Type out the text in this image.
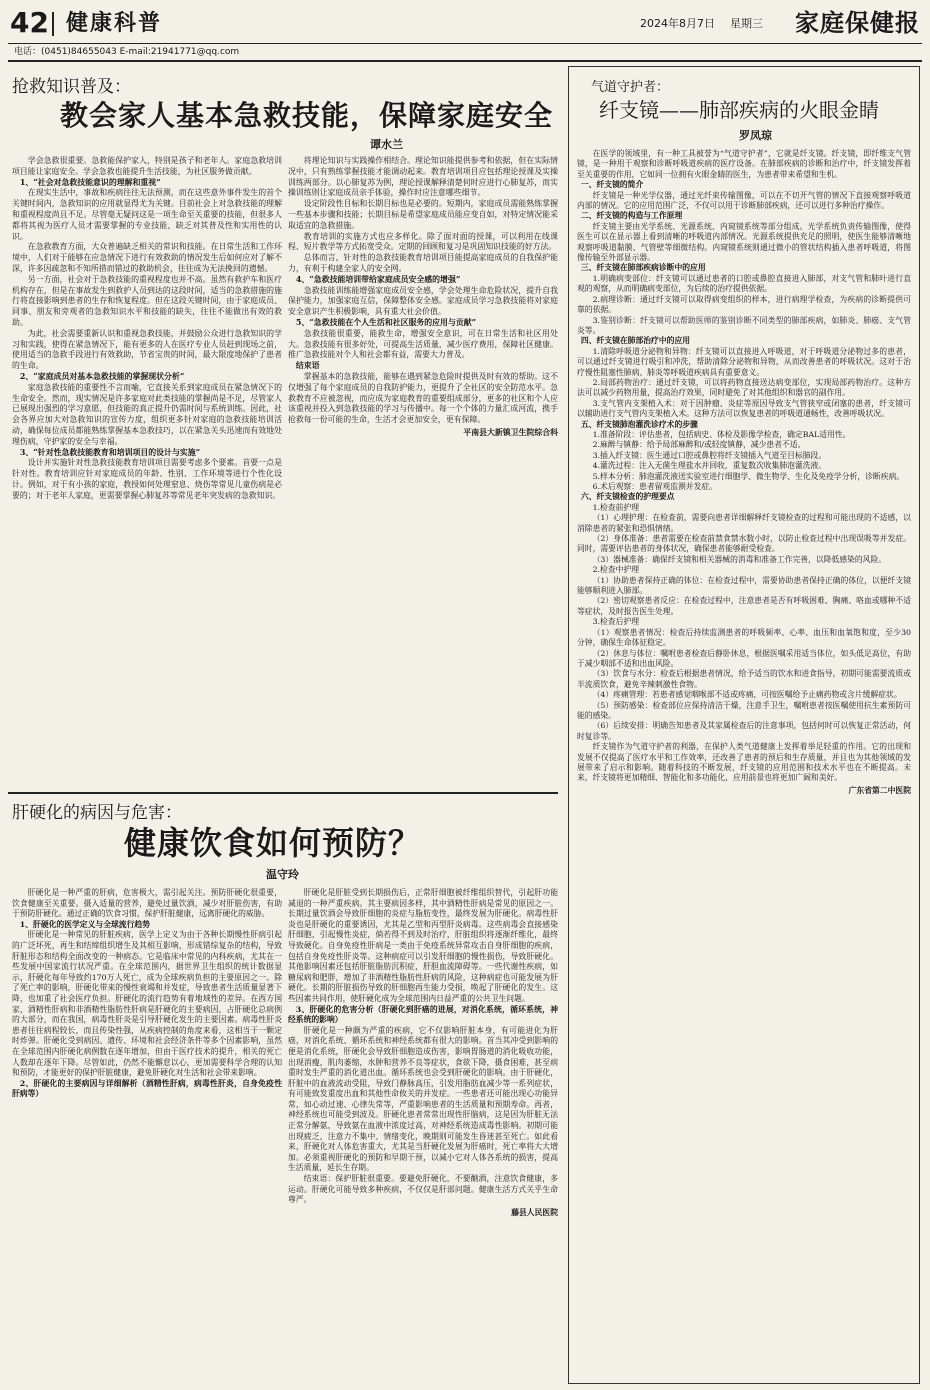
42 健康科普	2024年8月7日 星期三 家庭保健报
电话：(0451)84655043 E-mail:21941771@qq.com
抢救知识普及：
教会家人基本急救技能，保障家庭安全
谭水兰

学会急救很重要。急救能保护家人，特别是孩子和老年人。家庭急救培训项目能让家庭安全。学会急救也能提升生活技能，为社区服务做贡献。

1、“社会对急救技能意识的理解和重视”

在现实生活中，事故和疾病往往无法预测，而在这些意外事件发生的首个关键时间内，急救知识的应用就显得尤为关键。目前社会上对急救技能的理解和重视程度尚且不足。尽管毫无疑问这是一项生命至关重要的技能，但很多人都将其视为医疗人员才需要掌握的专业技能，缺乏对其普及性和实用性的认识。

在急救教育方面，大众普遍缺乏相关的常识和技能。在日常生活和工作环境中，人们对于能够在应急情况下进行有效救助的情况发生后如何应对了解不深，许多因疏忽和不知所措而错过的救助机会，往往成为无法挽回的遗憾。

另一方面，社会对于急救技能的重视程度也并不高。虽然有救护车和医疗机构存在，但是在事故发生到救护人员到达的这段时间，适当的急救措施的施行将直接影响到患者的生存和恢复程度。但在这段关键时间，由于家庭成员、同事、朋友和旁观者的急救知识水平和技能的缺失，往往不能做出有效的救助。

为此，社会需要重新认识和重视急救技能，并鼓励公众进行急救知识的学习和实践，使得在紧急情况下，能有更多的人在医疗专业人员赶到现场之前，使用适当的急救手段进行有效救助，节省宝贵的时间，最大限度地保护了患者的生命。

2、“家庭成员对基本急救技能的掌握现状分析”

家庭急救技能的重要性不言而喻，它直接关系到家庭成员在紧急情况下的生命安全。然而，现实情况是许多家庭对此类技能的掌握尚是不足，尽管家人已展现出强烈的学习意愿，但技能的真正提升仍需时间与系统训练。因此，社会各界应加大对急救知识的宣传力度，组织更多针对家庭的急救技能培训活动，确保每位成员都能熟练掌握基本急救技巧，以在紧急关头迅速而有效地处理伤病，守护家的安全与幸福。

3、“针对性急救技能教育和培训项目的设计与实施”

设计并实施针对性急救技能教育培训项目需要考虑多个要素。首要一点是针对性。教育培训应针对家庭成员的年龄、性别、工作环境等进行个性化设计。例如，对于有小孩的家庭，教授如何处理窒息、烧伤等常见儿童伤病是必要的；对于老年人家庭，更需要掌握心肺复苏等常见老年突发病的急救知识。

将理论知识与实践操作相结合。理论知识能提供参考和依据，但在实际情况中，只有熟练掌握技能才能调动起来。教育培训项目应包括理论授课及实操训练两部分。以心肺复苏为例，理论授课解释清楚何时应进行心肺复苏，而实操训练则让家庭成员亲手体验，操作时应注意哪些细节。

设定阶段性目标和长期目标也是必要的。短期内，家庭成员需能熟练掌握一些基本步骤和技能；长期目标是希望家庭成员能应变自如，对特定情况能采取适宜的急救措施。

教育培训的实施方式也应多样化。除了面对面的授课，可以利用在线课程、短片教学等方式拓宽受众。定期的回顾和复习是巩固知识技能的好方法。

总体而言，针对性的急救技能教育培训项目能提高家庭成员的自我保护能力，有利于构建全家人的安全网。

4、“急救技能培训带给家庭成员安全感的增强”

急救技能训练能增强家庭成员安全感，学会处理生命危险状况，提升自我保护能力，加强家庭互信，保障整体安全感。家庭成员学习急救技能将对家庭安全意识产生积极影响，具有重大社会价值。

5、“急救技能在个人生活和社区服务的应用与贡献”

急救技能很重要，能救生命，增强安全意识，可在日常生活和社区用处大。急救技能有很多好处，可提高生活质量，减少医疗费用，保障社区健康。推广急救技能对个人和社会都有益，需要大力普及。

结束语

掌握基本的急救技能，能够在遇到紧急危险时提供及时有效的帮助。这不仅增强了每个家庭成员的自我防护能力，更提升了全社区的安全防范水平。急救教育不应被忽视，而应成为家庭教育的重要组成部分，更多的社区和个人应该重视并投入到急救技能的学习与传播中。每一个个体的力量汇成河流，携手抢救每一份可能的生命，生活才会更加安全，更有保障。

平南县大新镇卫生院综合科

肝硬化的病因与危害：
健康饮食如何预防？
温守玲

肝硬化是一种严重的肝病，危害极大，需引起关注。预防肝硬化很重要，饮食健康至关重要。摄入适量的营养，避免过量饮酒，减少对肝脏伤害，有助于预防肝硬化。通过正确的饮食习惯，保护肝脏健康，远离肝硬化的威胁。

1、肝硬化的医学定义与全球流行趋势

肝硬化是一种常见的肝脏疾病，医学上定义为由于各种长期慢性肝病引起的广泛坏死，再生和结缔组织增生及其相互影响，形成错综复杂的结构，导致肝脏形态和结构全面改变的一种病态。它是临床中常见的内科疾病，尤其在一些发展中国家流行状况严重。在全球范围内，据世界卫生组织的统计数据显示，肝硬化每年导致约170万人死亡，成为全球疾病负担的主要原因之一。除了死亡率的影响，肝硬化带来的慢性衰竭和并发症，导致患者生活质量显著下降，也加重了社会医疗负担。肝硬化的流行趋势有着地域性的差异。在西方国家，酒精性肝病和非酒精性脂肪性肝病是肝硬化的主要病因，占肝硬化总病例的大部分，而在我国，病毒性肝炎是引导肝硬化发生的主要因素。病毒性肝炎患者往往病程较长，而且传染性强，从疾病控制的角度来看，这相当于一颗定时炸弹。肝硬化受到病因、遗传、环境和社会经济条件等多个因素影响，虽然在全球范围内肝硬化病例数在逐年增加，但由于医疗技术的提升，相关的死亡人数却在逐年下降。尽管如此，仍然不能懈怠以心，更加需要科学合理的认知和预防，才能更好的保护肝脏健康，避免肝硬化对生活和社会带来影响。

2、肝硬化的主要病因与详细解析（酒精性肝病，病毒性肝炎，自身免疫性肝病等）

肝硬化是肝脏受到长期损伤后，正常肝细胞被纤维组织替代，引起肝功能减退的一种严重疾病。其主要病因多样，其中酒精性肝病是常见的原因之一。长期过量饮酒会导致肝细胞的炎症与脂肪变性，最终发展为肝硬化。病毒性肝炎也是肝硬化的重要诱因，尤其是乙型和丙型肝炎病毒。这些病毒会直接感染肝细胞，引起慢性炎症，倘若得不到及时治疗，肝脏组织将逐渐纤维化，最终导致硬化。自身免疫性肝病是一类由于免疫系统异常攻击自身肝细胞的疾病，包括自身免疫性肝炎等。这种病症可以引发肝细胞的慢性损伤，导致肝硬化。其他影响因素还包括肝脏脂肪沉积症，肝胆血流障碍等。一些代谢性疾病，如糖尿病和肥胖，增加了非酒精性脂肪性肝病的风险，这种病症也可能发展为肝硬化。长期的肝脏损伤导致的肝细胞再生能力受损，唤起了肝硬化的发生。这些因素共同作用，使肝硬化成为全球范围内日益严重的公共卫生问题。

3、肝硬化的危害分析（肝硬化到肝癌的进展，对消化系统，循环系统，神经系统的影响）

肝硬化是一种颇为严重的疾病，它不仅影响肝脏本身，有可能进化为肝癌，对消化系统、循环系统和神经系统都有很大的影响。首当其冲受到影响的便是消化系统，肝硬化会导致肝细胞造成伤害，影响胃肠道的消化吸收功能，出现消瘦，肌肉萎缩，水肿和营养不良等症状，食欲下降，摄食困难，甚至病重时发生严重的消化道出血。循环系统也会受到肝硬化的影响。由于肝硬化，肝脏中的血液流动受阻，导致门静脉高压，引发用脂肪血减少等一系列症状，有可能致发重度出血和其他性命攸关的并发症。一些患者还可能出现心功能异常，如心动过速、心律失常等，严重影响患者的生活质量和预期寿命。再者，神经系统也可能受到波及。肝硬化患者常常出现性肝脑病，这是因为肝脏无法正常分解氨，导致氨在血液中浓度过高，对神经系统造成毒性影响。初期可能出现疲乏，注意力不集中、情绪变化，晚期则可能发生昏迷甚至死亡。如此看来，肝硬化对人体危害重大，尤其是当肝硬化发展为肝癌时，死亡率将大大增加。必须重视肝硬化的预防和早期干预，以减小它对人体各系统的损害，提高生活质量，延长生存期。

结束语：保护肝脏很重要。要避免肝硬化，不要酗酒，注意饮食健康，多运动。肝硬化可能导致多种疾病，不仅仅是肝部问题。健康生活方式关乎生命尊严。

藤县人民医院

气道守护者：
纤支镜——肺部疾病的火眼金睛
罗凤琼

在医学的领域里，有一种工具被誉为“气道守护者”，它就是纤支镜。纤支镜，即纤维支气管镜，是一种用于观察和诊断呼吸道疾病的医疗设备。在肺部疾病的诊断和治疗中，纤支镜发挥着至关重要的作用，它如同一位拥有火眼金睛的医生，为患者带来希望和生机。

一、纤支镜的简介

纤支镜是一种光学仪器，通过光纤束传输图像，可以在不切开气管的情况下直接观察呼吸道内部的情况。它的应用范围广泛，不仅可以用于诊断肺部疾病，还可以进行多种治疗操作。

二、纤支镜的构造与工作原理

纤支镜主要由光学系统、光源系统、内窥镜系统等部分组成。光学系统负责传输图像，使得医生可以在显示器上看到清晰的呼吸道内部情况。光源系统提供充足的照明，使医生能够清晰地观察呼吸道黏膜、气管壁等细微结构。内窥镜系统则通过微小的管状结构插入患者呼吸道，将图像传输至外部显示器。

三、纤支镜在肺部疾病诊断中的应用

1.明确病变部位：纤支镜可以通过患者的口腔或鼻腔直接进入肺部，对支气管和肺叶进行直观的观察，从而明确病变部位，为后续的治疗提供依据。

2.病理诊断：通过纤支镜可以取得病变组织的样本，进行病理学检查，为疾病的诊断提供可靠的依据。

3.鉴别诊断：纤支镜可以帮助医师的鉴别诊断不同类型的肺部疾病，如肺炎、肺癌、支气管炎等。

四、纤支镜在肺部治疗中的应用

1.清除呼吸道分泌物和异物：纤支镜可以直接进入呼吸道，对于呼吸道分泌物过多的患者，可以通过纤支镜进行吸引和冲洗，帮助清除分泌物和异物，从而改善患者的呼吸状况。这对于治疗慢性阻塞性肺病、肺炎等呼吸道疾病具有重要意义。

2.局部药物治疗：通过纤支镜，可以将药物直接送达病变部位，实现局部药物治疗。这种方法可以减少药物用量，提高治疗效果，同时避免了对其他组织和器官的副作用。

3.支气管内支架植入术：对于因肿瘤、炎症等原因导致支气管狭窄或闭塞的患者，纤支镜可以辅助进行支气管内支架植入术。这种方法可以恢复患者的呼吸道通畅性，改善呼吸状况。

五、纤支镜肺泡灌洗诊疗术的步骤

1.准备阶段：评估患者，包括病史、体检及影像学检查，确定BAL适用性。

2.麻醉与镇静：给予局部麻醉和/或轻度镇静，减少患者不适。

3.插入纤支镜：医生通过口腔或鼻腔将纤支镜插入气道至目标肺段。

4.灌洗过程：注入无菌生理盐水并回收，重复数次收集肺泡灌洗液。

5.样本分析：肺泡灌洗液送实验室进行细胞学、微生物学、生化及免疫学分析，诊断疾病。

6.术后观察：患者留观监测并发症。

六、纤支镜检查的护理要点

1.检查前护理

（1）心理护理：在检查前，需要向患者详细解释纤支镜检查的过程和可能出现的不适感，以消除患者的紧张和恐惧情绪。

（2）身体准备：患者需要在检查前禁食禁水数小时，以防止检查过程中出现误吸等并发症。同时，需要评估患者的身体状况，确保患者能够耐受检查。

（3）器械准备：确保纤支镜和相关器械的消毒和准备工作完善，以降低感染的风险。

2.检查中护理

（1）协助患者保持正确的体位：在检查过程中，需要协助患者保持正确的体位，以便纤支镜能够顺利进入肺部。

（2）密切观察患者反应：在检查过程中，注意患者是否有呼吸困难、胸痛、咯血或哪种不适等症状，及时报告医生处理。

3.检查后护理

（1）观察患者情况：检查后持续监测患者的呼吸频率、心率、血压和血氧饱和度，至少30分钟，确保生命体征稳定。

（2）休息与体位：嘱咐患者检查后静卧休息，根据医嘱采用适当体位，如头低足高位，有助于减少咽部不适和出血风险。

（3）饮食与水分：检查后根据患者情况，给予适当的饮水和进食指导，初期可能需要流质或半流质饮食，避免辛辣刺激性食物。

（4）疼痛管理：若患者感觉咽喉部不适或疼痛，可按医嘱给予止痛药物或含片缓解症状。

（5）预防感染：检查部位应保持清洁干燥，注意手卫生，嘱咐患者按医嘱使用抗生素预防可能的感染。

（6）后续安排：明确告知患者及其家属检查后的注意事项，包括何时可以恢复正常活动，何时复诊等。

纤支镜作为气道守护者的利器，在保护人类气道健康上发挥着举足轻重的作用。它的出现和发展不仅提高了医疗水平和工作效率，还改善了患者的预后和生存质量，并且也为其他领域的发展带来了启示和影响。随着科技的不断发展，纤支镜的应用范围和技术水平也在不断提高。未来，纤支镜将更加精细、智能化和多功能化，应用前景也将更加广阔和美好。

广东省第二中医院
